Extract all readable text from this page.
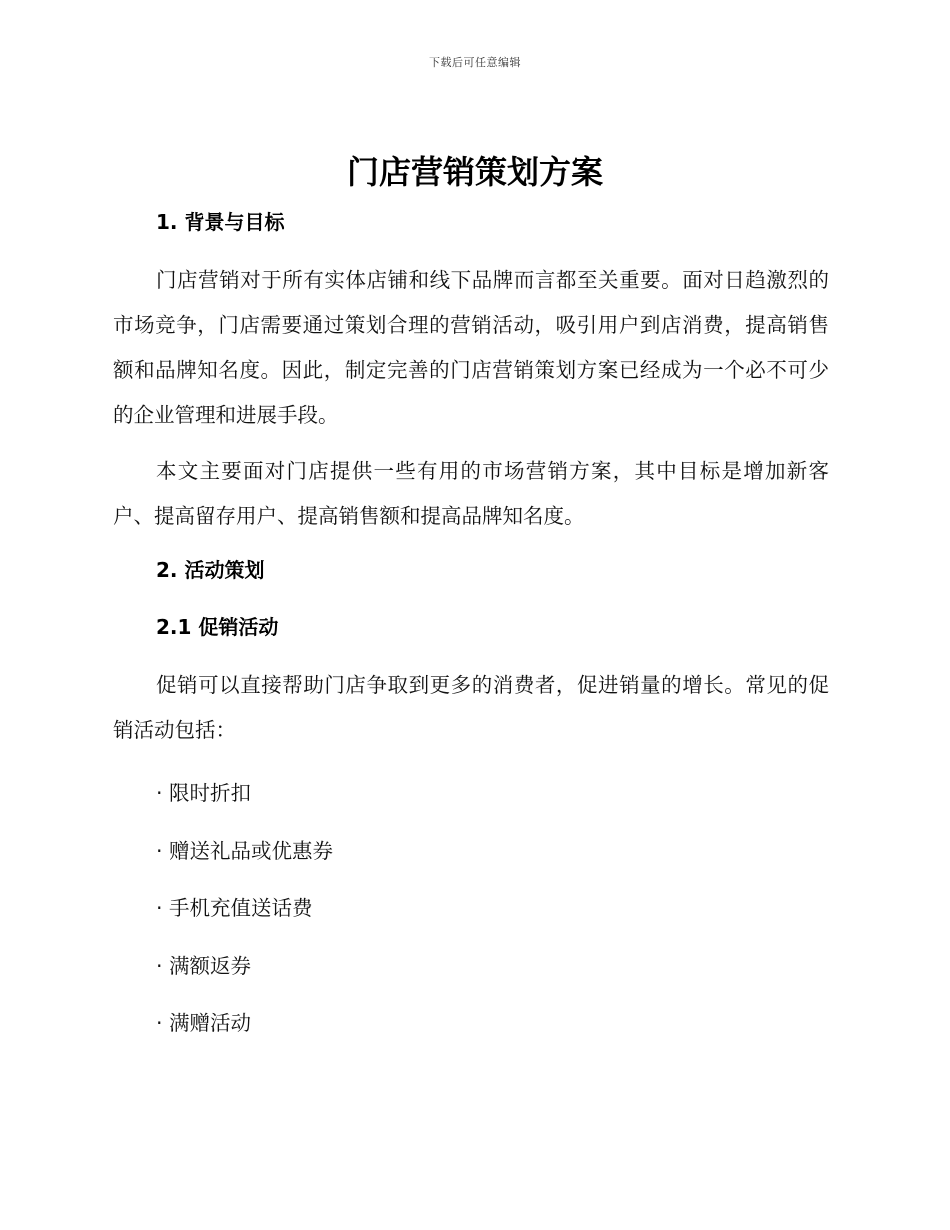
下载后可任意编辑
门店营销策划方案
1. 背景与目标

门店营销对于所有实体店铺和线下品牌而言都至关重要。面对日趋激烈的市场竞争，门店需要通过策划合理的营销活动，吸引用户到店消费，提高销售额和品牌知名度。因此，制定完善的门店营销策划方案已经成为一个必不可少的企业管理和进展手段。

本文主要面对门店提供一些有用的市场营销方案，其中目标是增加新客户、提高留存用户、提高销售额和提高品牌知名度。

2. 活动策划
2.1 促销活动

促销可以直接帮助门店争取到更多的消费者，促进销量的增长。常见的促销活动包括：

· 限时折扣
· 赠送礼品或优惠券
· 手机充值送话费
· 满额返券
· 满赠活动
